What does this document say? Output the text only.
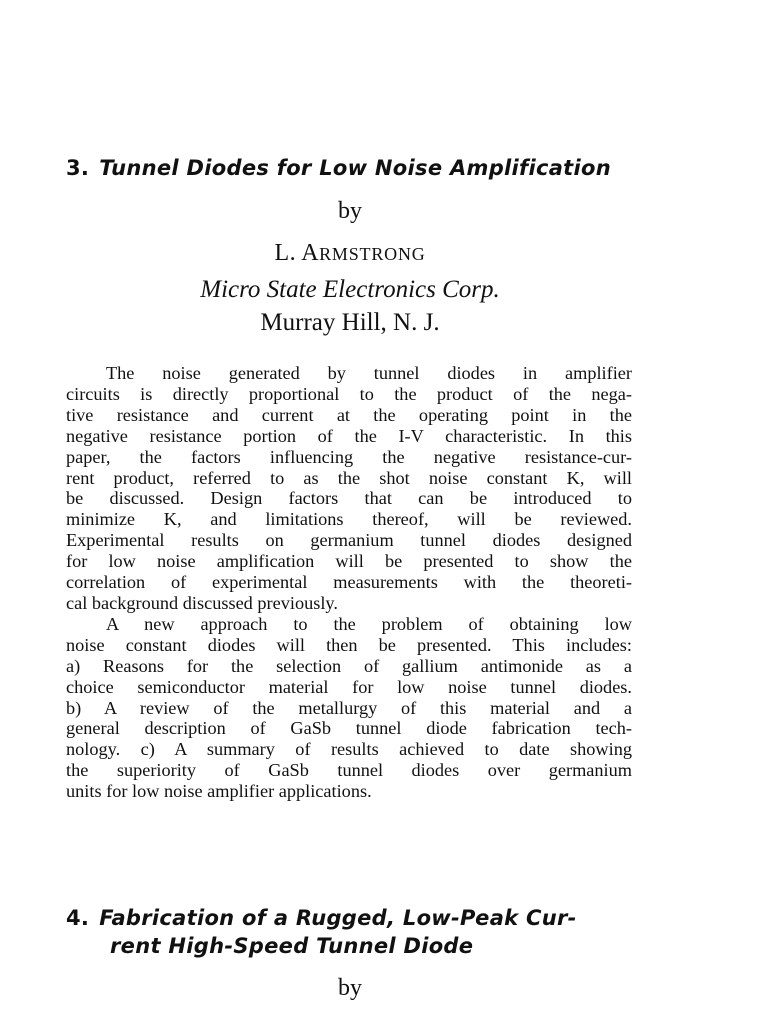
3. Tunnel Diodes for Low Noise Amplification
by
L. ARMSTRONG
Micro State Electronics Corp.
Murray Hill, N. J.
The noise generated by tunnel diodes in amplifier
circuits is directly proportional to the product of the nega-
tive resistance and current at the operating point in the
negative resistance portion of the I-V characteristic. In this
paper, the factors influencing the negative resistance-cur-
rent product, referred to as the shot noise constant K, will
be discussed. Design factors that can be introduced to
minimize K, and limitations thereof, will be reviewed.
Experimental results on germanium tunnel diodes designed
for low noise amplification will be presented to show the
correlation of experimental measurements with the theoreti-
cal background discussed previously.
A new approach to the problem of obtaining low
noise constant diodes will then be presented. This includes:
a) Reasons for the selection of gallium antimonide as a
choice semiconductor material for low noise tunnel diodes.
b) A review of the metallurgy of this material and a
general description of GaSb tunnel diode fabrication tech-
nology. c) A summary of results achieved to date showing
the superiority of GaSb tunnel diodes over germanium
units for low noise amplifier applications.
4. Fabrication of a Rugged, Low-Peak Cur-
rent High-Speed Tunnel Diode
by
